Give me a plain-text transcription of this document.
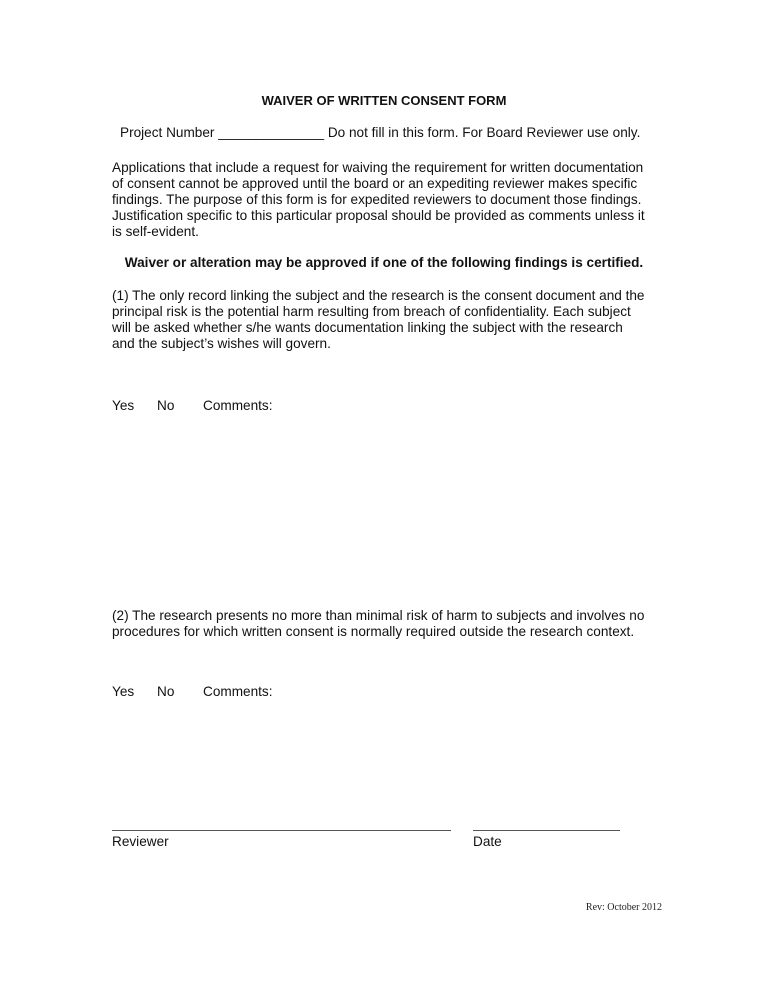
WAIVER OF WRITTEN CONSENT FORM
Project Number ______________ Do not fill in this form. For Board Reviewer use only.
Applications that include a request for waiving the requirement for written documentation
of consent cannot be approved until the board or an expediting reviewer makes specific
findings. The purpose of this form is for expedited reviewers to document those findings.
Justification specific to this particular proposal should be provided as comments unless it
is self-evident.
Waiver or alteration may be approved if one of the following findings is certified.
(1) The only record linking the subject and the research is the consent document and the
principal risk is the potential harm resulting from breach of confidentiality. Each subject
will be asked whether s/he wants documentation linking the subject with the research
and the subject’s wishes will govern.
Yes No Comments:
(2) The research presents no more than minimal risk of harm to subjects and involves no
procedures for which written consent is normally required outside the research context.
Yes No Comments:
Reviewer	Date
Rev: October 2012
